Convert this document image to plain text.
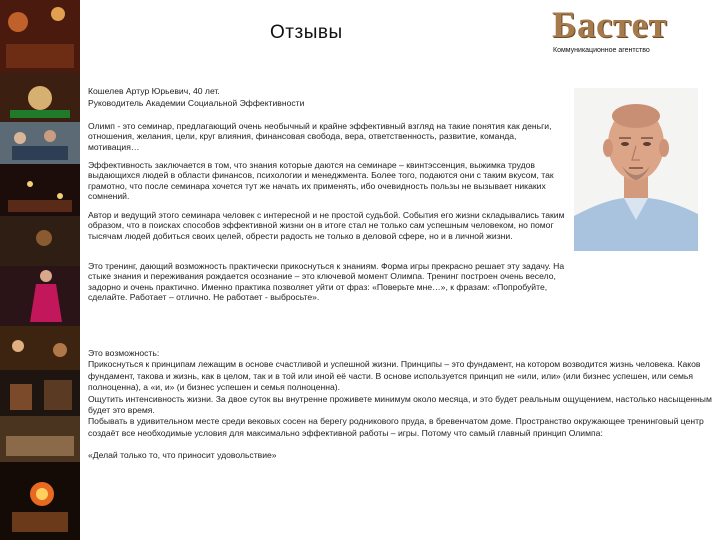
Отзывы	Бастет
Коммуникационное агентство

Кошелев Артур Юрьевич, 40 лет.

Руководитель Академии Социальной Эффективности

Олимп - это семинар, предлагающий очень необычный и крайне эффективный взгляд на такие понятия как деньги, отношения, желания, цели, круг влияния, финансовая свобода, вера, ответственность, развитие, команда, мотивация…

Эффективность заключается в том, что знания которые даются на семинаре – квинтэссенция, выжимка трудов выдающихся людей в области финансов, психологии и менеджмента. Более того, подаются они с таким вкусом, так грамотно, что после семинара хочется тут же начать их применять, ибо очевидность пользы не вызывает никаких сомнений.

Автор и ведущий этого семинара человек с интересной и не простой судьбой. События его жизни складывались таким образом, что в поисках способов эффективной жизни он в итоге стал не только сам успешным человеком, но помог тысячам людей добиться своих целей, обрести радость не только в деловой сфере, но и в личной жизни.

Это тренинг, дающий возможность практически прикоснуться к знаниям. Форма игры прекрасно решает эту задачу. На стыке знания и переживания рождается осознание – это ключевой момент Олимпа. Тренинг построен очень весело, задорно и очень практично. Именно практика позволяет уйти от фраз: «Поверьте мне…», к фразам: «Попробуйте, сделайте. Работает – отлично. Не работает - выбросьте».

Это возможность:

Прикоснуться к принципам лежащим в основе счастливой и успешной жизни. Принципы – это фундамент, на котором возводится жизнь человека. Каков фундамент, такова и жизнь, как в целом, так и в той или иной её части. В основе используется принцип не «или, или» (или бизнес успешен, или семья полноценна), а «и, и» (и бизнес успешен и семья полноценна).

Ощутить интенсивность жизни. За двое суток вы внутренне проживете минимум около месяца, и это будет реальным ощущением, настолько насыщенным будет это время.

Побывать в удивительном месте среди вековых сосен на берегу родникового пруда, в бревенчатом доме. Пространство окружающее тренинговый центр создаёт все необходимые условия для максимально эффективной работы – игры. Потому что самый главный принцип Олимпа:

«Делай только то, что приносит удовольствие»
